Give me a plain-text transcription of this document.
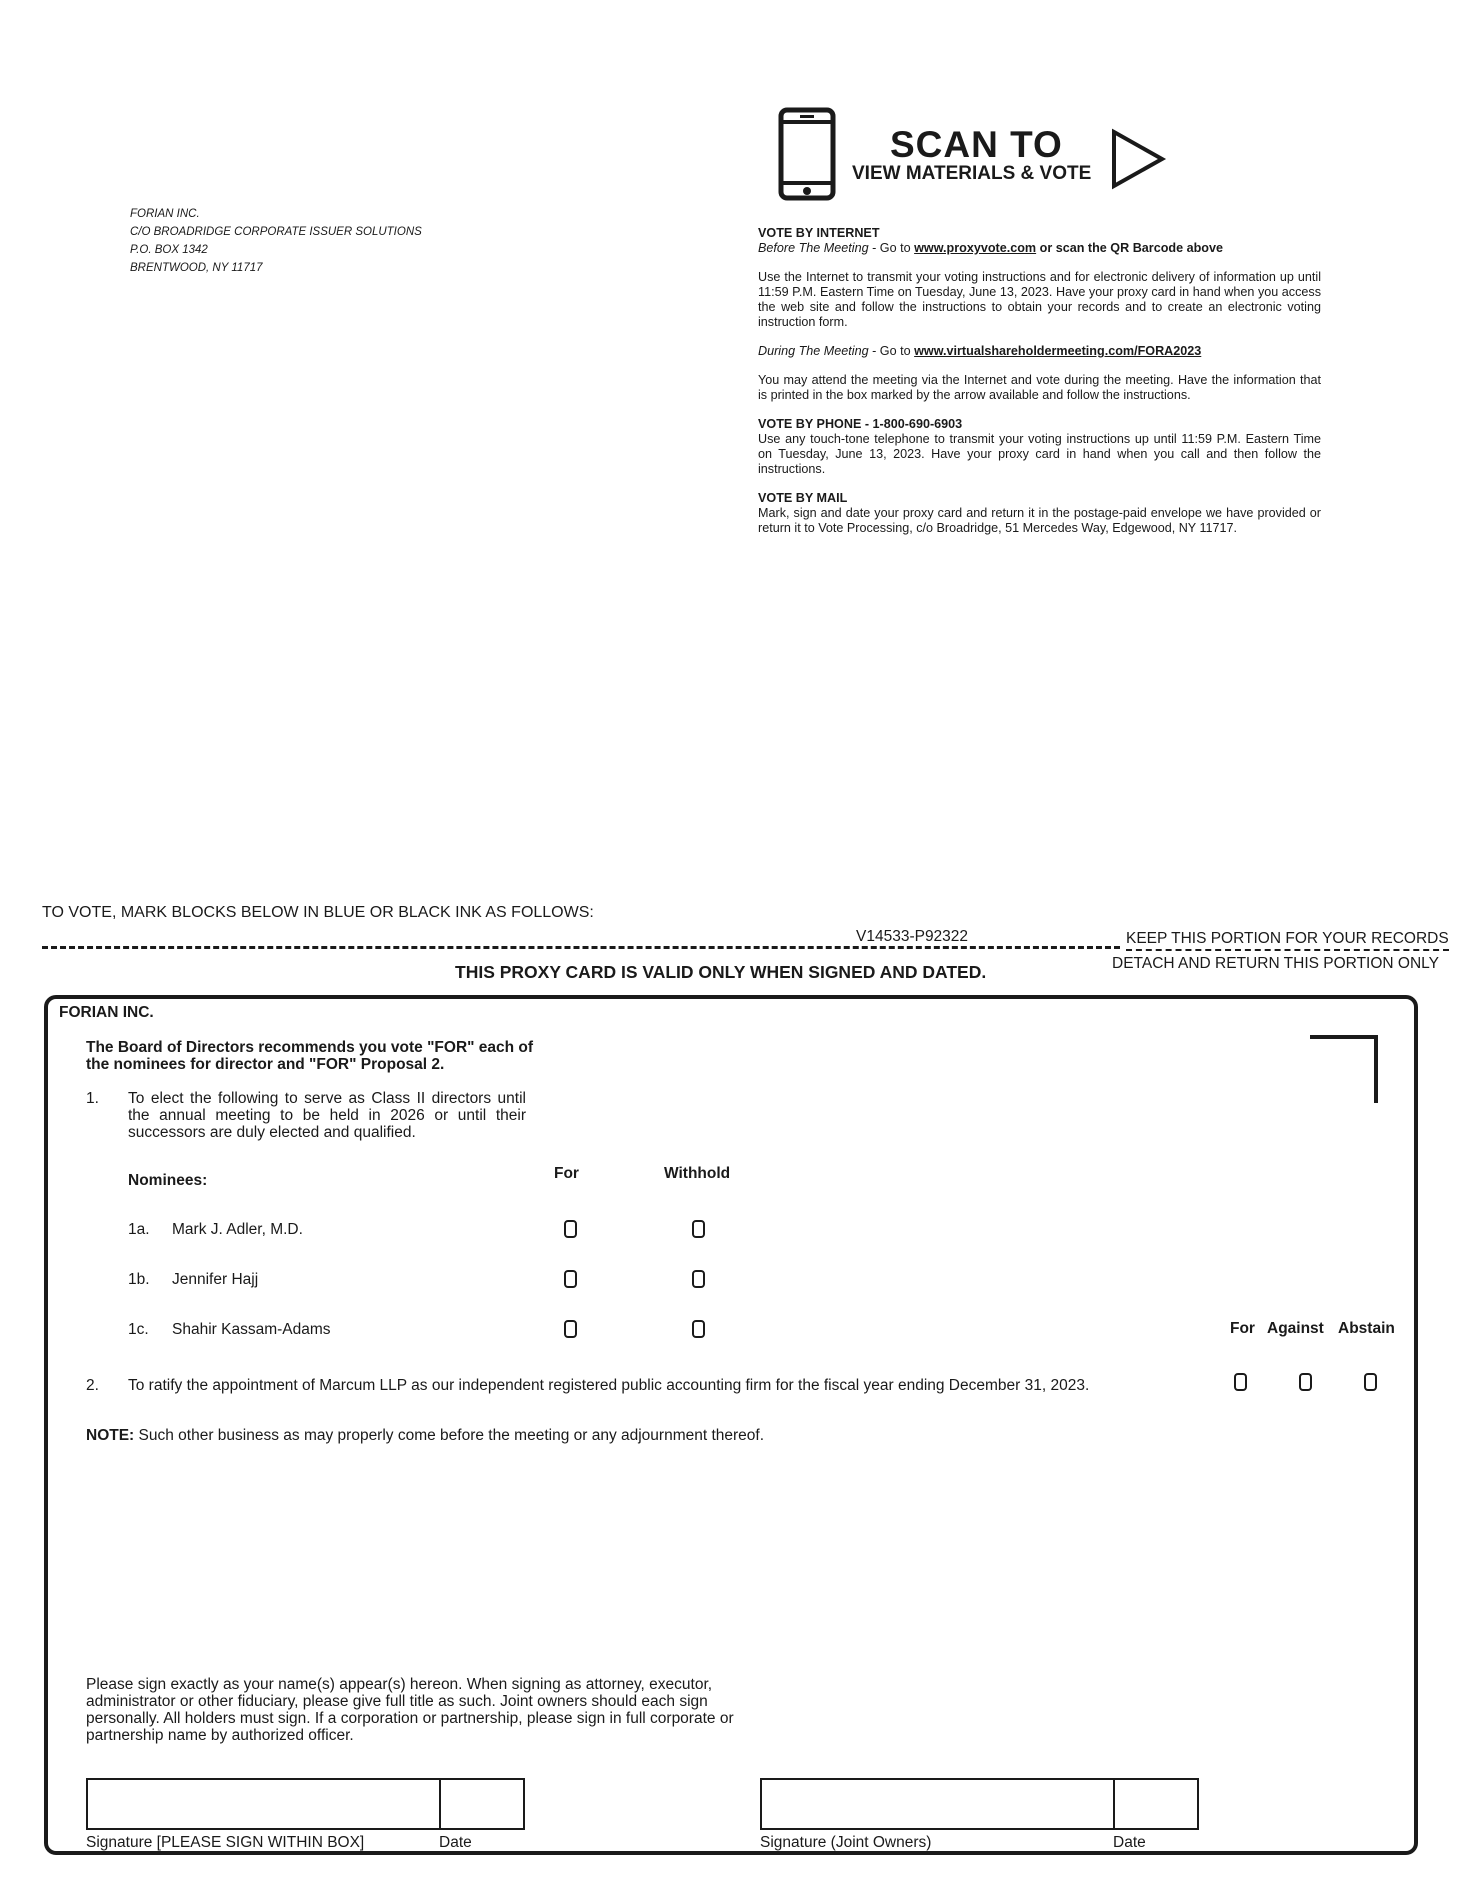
FORIAN INC.
C/O BROADRIDGE CORPORATE ISSUER SOLUTIONS
P.O. BOX 1342
BRENTWOOD, NY 11717
SCAN TO
VIEW MATERIALS & VOTE
VOTE BY INTERNET

Before The Meeting - Go to www.proxyvote.com or scan the QR Barcode above

Use the Internet to transmit your voting instructions and for electronic delivery of information up until 11:59 P.M. Eastern Time on Tuesday, June 13, 2023. Have your proxy card in hand when you access the web site and follow the instructions to obtain your records and to create an electronic voting instruction form.

During The Meeting - Go to www.virtualshareholdermeeting.com/FORA2023

You may attend the meeting via the Internet and vote during the meeting. Have the information that is printed in the box marked by the arrow available and follow the instructions.

VOTE BY PHONE - 1-800-690-6903

Use any touch-tone telephone to transmit your voting instructions up until 11:59 P.M. Eastern Time on Tuesday, June 13, 2023. Have your proxy card in hand when you call and then follow the instructions.

VOTE BY MAIL

Mark, sign and date your proxy card and return it in the postage-paid envelope we have provided or return it to Vote Processing, c/o Broadridge, 51 Mercedes Way, Edgewood, NY 11717.

TO VOTE, MARK BLOCKS BELOW IN BLUE OR BLACK INK AS FOLLOWS:
V14533-P92322	KEEP THIS PORTION FOR YOUR RECORDS
DETACH AND RETURN THIS PORTION ONLY
THIS PROXY CARD IS VALID ONLY WHEN SIGNED AND DATED.
FORIAN INC.
The Board of Directors recommends you vote "FOR" each of the nominees for director and "FOR" Proposal 2.
1. To elect the following to serve as Class II directors until the annual meeting to be held in 2026 or until their successors are duly elected and qualified.
Nominees:	For	Withhold
1a. Mark J. Adler, M.D.
1b. Jennifer Hajj
1c. Shahir Kassam-Adams	For Against Abstain
2. To ratify the appointment of Marcum LLP as our independent registered public accounting firm for the fiscal year ending December 31, 2023.
NOTE: Such other business as may properly come before the meeting or any adjournment thereof.
Please sign exactly as your name(s) appear(s) hereon. When signing as attorney, executor, administrator or other fiduciary, please give full title as such. Joint owners should each sign personally. All holders must sign. If a corporation or partnership, please sign in full corporate or partnership name by authorized officer.
Signature [PLEASE SIGN WITHIN BOX]	Date	Signature (Joint Owners)	Date
